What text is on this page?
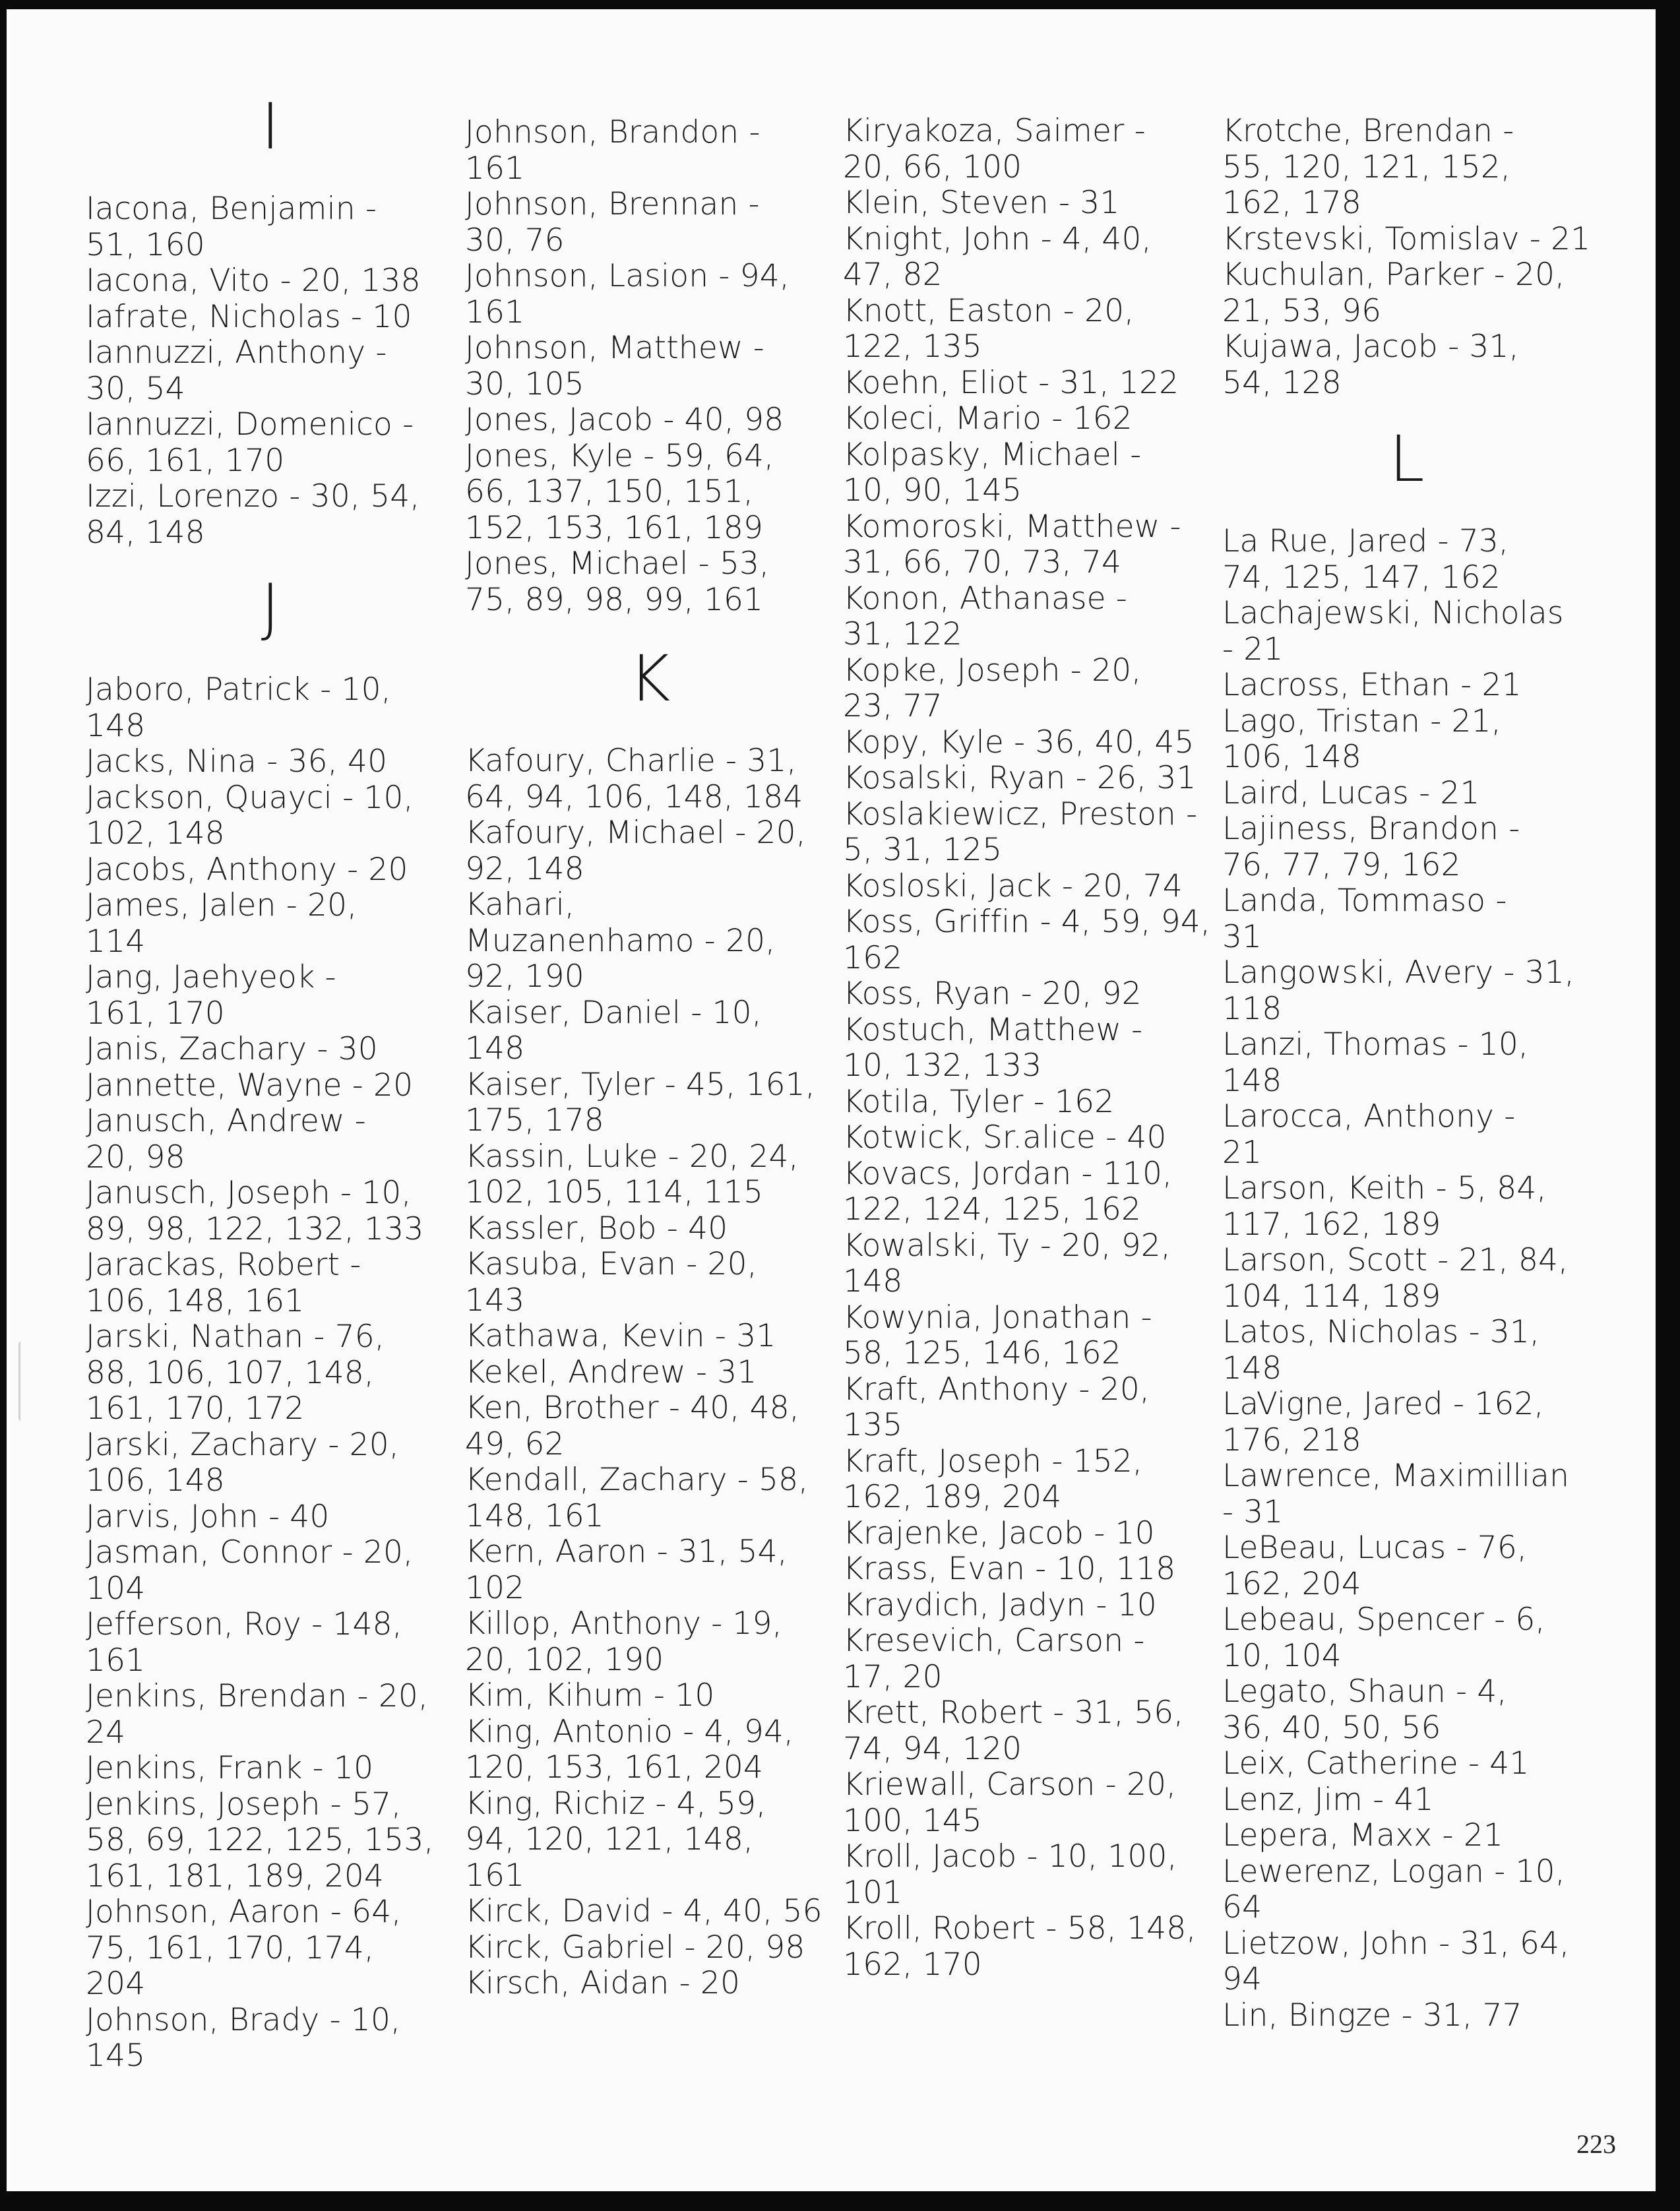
I
Iacona, Benjamin -
51, 160
Iacona, Vito - 20, 138
Iafrate, Nicholas - 10
Iannuzzi, Anthony -
30, 54
Iannuzzi, Domenico -
66, 161, 170
Izzi, Lorenzo - 30, 54,
84, 148
J
Jaboro, Patrick - 10,
148
Jacks, Nina - 36, 40
Jackson, Quayci - 10,
102, 148
Jacobs, Anthony - 20
James, Jalen - 20,
114
Jang, Jaehyeok -
161, 170
Janis, Zachary - 30
Jannette, Wayne - 20
Janusch, Andrew -
20, 98
Janusch, Joseph - 10,
89, 98, 122, 132, 133
Jarackas, Robert -
106, 148, 161
Jarski, Nathan - 76,
88, 106, 107, 148,
161, 170, 172
Jarski, Zachary - 20,
106, 148
Jarvis, John - 40
Jasman, Connor - 20,
104
Jefferson, Roy - 148,
161
Jenkins, Brendan - 20,
24
Jenkins, Frank - 10
Jenkins, Joseph - 57,
58, 69, 122, 125, 153,
161, 181, 189, 204
Johnson, Aaron - 64,
75, 161, 170, 174,
204
Johnson, Brady - 10,
145
Johnson, Brandon -
161
Johnson, Brennan -
30, 76
Johnson, Lasion - 94,
161
Johnson, Matthew -
30, 105
Jones, Jacob - 40, 98
Jones, Kyle - 59, 64,
66, 137, 150, 151,
152, 153, 161, 189
Jones, Michael - 53,
75, 89, 98, 99, 161
K
Kafoury, Charlie - 31,
64, 94, 106, 148, 184
Kafoury, Michael - 20,
92, 148
Kahari,
Muzanenhamo - 20,
92, 190
Kaiser, Daniel - 10,
148
Kaiser, Tyler - 45, 161,
175, 178
Kassin, Luke - 20, 24,
102, 105, 114, 115
Kassler, Bob - 40
Kasuba, Evan - 20,
143
Kathawa, Kevin - 31
Kekel, Andrew - 31
Ken, Brother - 40, 48,
49, 62
Kendall, Zachary - 58,
148, 161
Kern, Aaron - 31, 54,
102
Killop, Anthony - 19,
20, 102, 190
Kim, Kihum - 10
King, Antonio - 4, 94,
120, 153, 161, 204
King, Richiz - 4, 59,
94, 120, 121, 148,
161
Kirck, David - 4, 40, 56
Kirck, Gabriel - 20, 98
Kirsch, Aidan - 20
Kiryakoza, Saimer -
20, 66, 100
Klein, Steven - 31
Knight, John - 4, 40,
47, 82
Knott, Easton - 20,
122, 135
Koehn, Eliot - 31, 122
Koleci, Mario - 162
Kolpasky, Michael -
10, 90, 145
Komoroski, Matthew -
31, 66, 70, 73, 74
Konon, Athanase -
31, 122
Kopke, Joseph - 20,
23, 77
Kopy, Kyle - 36, 40, 45
Kosalski, Ryan - 26, 31
Koslakiewicz, Preston -
5, 31, 125
Kosloski, Jack - 20, 74
Koss, Griffin - 4, 59, 94,
162
Koss, Ryan - 20, 92
Kostuch, Matthew -
10, 132, 133
Kotila, Tyler - 162
Kotwick, Sr.alice - 40
Kovacs, Jordan - 110,
122, 124, 125, 162
Kowalski, Ty - 20, 92,
148
Kowynia, Jonathan -
58, 125, 146, 162
Kraft, Anthony - 20,
135
Kraft, Joseph - 152,
162, 189, 204
Krajenke, Jacob - 10
Krass, Evan - 10, 118
Kraydich, Jadyn - 10
Kresevich, Carson -
17, 20
Krett, Robert - 31, 56,
74, 94, 120
Kriewall, Carson - 20,
100, 145
Kroll, Jacob - 10, 100,
101
Kroll, Robert - 58, 148,
162, 170
Krotche, Brendan -
55, 120, 121, 152,
162, 178
Krstevski, Tomislav - 21
Kuchulan, Parker - 20,
21, 53, 96
Kujawa, Jacob - 31,
54, 128
L
La Rue, Jared - 73,
74, 125, 147, 162
Lachajewski, Nicholas
- 21
Lacross, Ethan - 21
Lago, Tristan - 21,
106, 148
Laird, Lucas - 21
Lajiness, Brandon -
76, 77, 79, 162
Landa, Tommaso -
31
Langowski, Avery - 31,
118
Lanzi, Thomas - 10,
148
Larocca, Anthony -
21
Larson, Keith - 5, 84,
117, 162, 189
Larson, Scott - 21, 84,
104, 114, 189
Latos, Nicholas - 31,
148
LaVigne, Jared - 162,
176, 218
Lawrence, Maximillian
- 31
LeBeau, Lucas - 76,
162, 204
Lebeau, Spencer - 6,
10, 104
Legato, Shaun - 4,
36, 40, 50, 56
Leix, Catherine - 41
Lenz, Jim - 41
Lepera, Maxx - 21
Lewerenz, Logan - 10,
64
Lietzow, John - 31, 64,
94
Lin, Bingze - 31, 77
223
